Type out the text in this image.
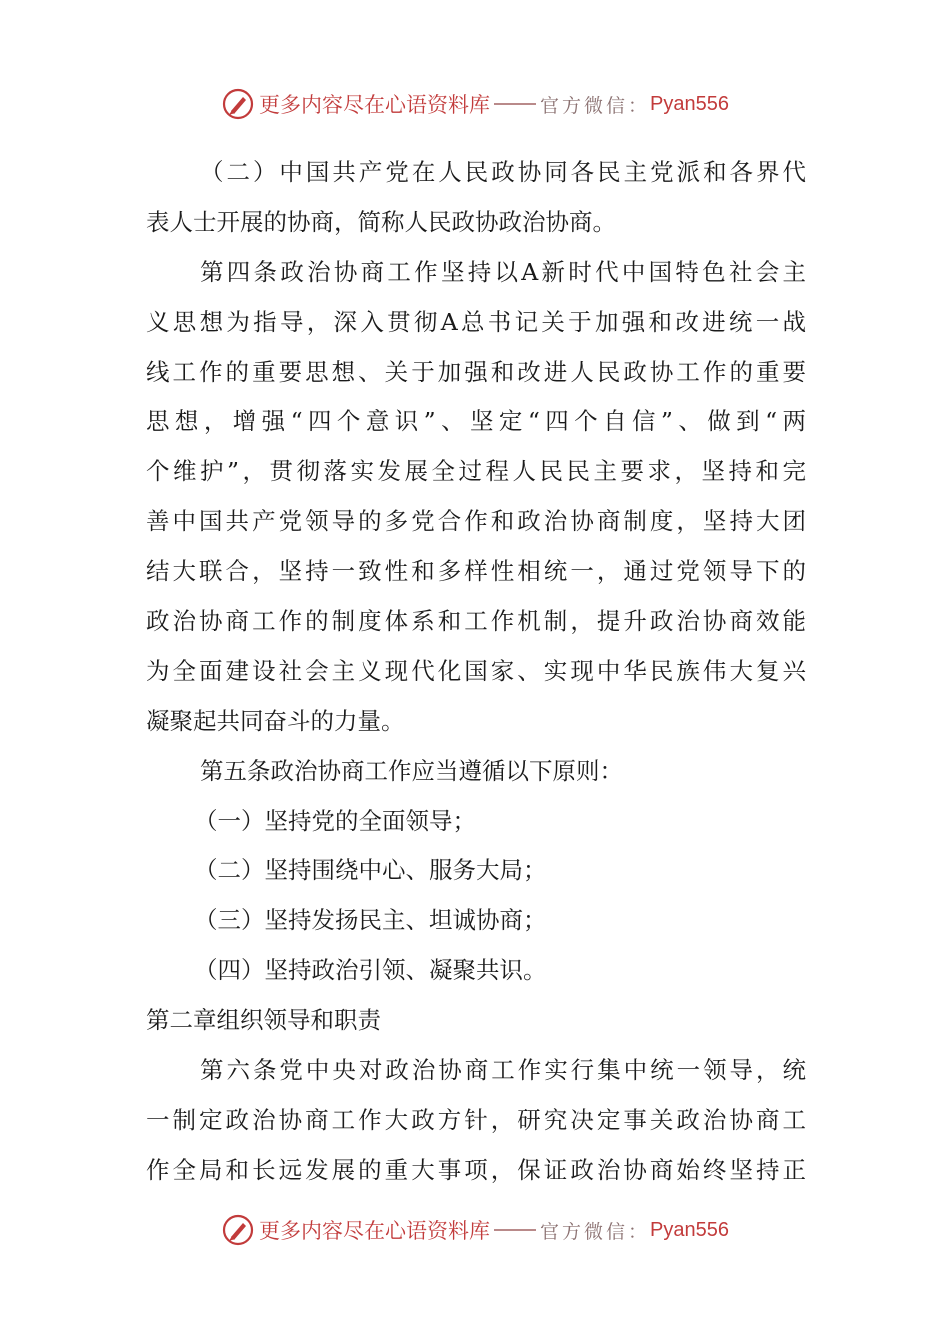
更多内容尽在心语资料库	官方微信： Pyan556
（二）中国共产党在人民政协同各民主党派和各界代
表人士开展的协商，简称人民政协政治协商。
第四条政治协商工作坚持以A新时代中国特色社会主
义思想为指导，深入贯彻A总书记关于加强和改进统一战
线工作的重要思想、关于加强和改进人民政协工作的重要
思想，增强“四个意识”、坚定“四个自信”、做到“两
个维护”，贯彻落实发展全过程人民民主要求，坚持和完
善中国共产党领导的多党合作和政治协商制度，坚持大团
结大联合，坚持一致性和多样性相统一，通过党领导下的
政治协商工作的制度体系和工作机制，提升政治协商效能
为全面建设社会主义现代化国家、实现中华民族伟大复兴
凝聚起共同奋斗的力量。
第五条政治协商工作应当遵循以下原则：
（一）坚持党的全面领导；
（二）坚持围绕中心、服务大局；
（三）坚持发扬民主、坦诚协商；
（四）坚持政治引领、凝聚共识。
第二章组织领导和职责
第六条党中央对政治协商工作实行集中统一领导，统
一制定政治协商工作大政方针，研究决定事关政治协商工
作全局和长远发展的重大事项，保证政治协商始终坚持正
更多内容尽在心语资料库	官方微信： Pyan556
